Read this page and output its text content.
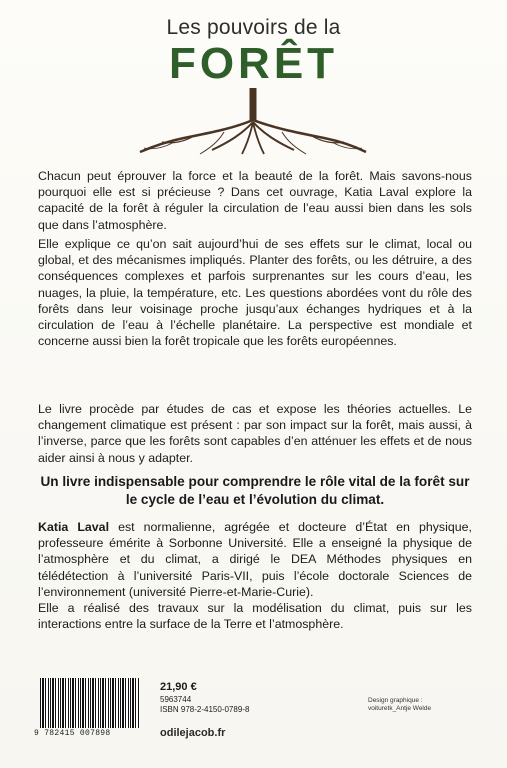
Les pouvoirs de la
FORÊT
Chacun peut éprouver la force et la beauté de la forêt. Mais savons-nous pourquoi elle est si précieuse ? Dans cet ouvrage, Katia Laval explore la capacité de la forêt à réguler la circulation de l’eau aussi bien dans les sols que dans l’atmosphère.
Elle explique ce qu’on sait aujourd’hui de ses effets sur le climat, local ou global, et des mécanismes impliqués. Planter des forêts, ou les détruire, a des conséquences complexes et parfois surprenantes sur les cours d’eau, les nuages, la pluie, la température, etc. Les questions abordées vont du rôle des forêts dans leur voisinage proche jusqu’aux échanges hydriques et à la circulation de l’eau à l’échelle planétaire. La perspective est mondiale et concerne aussi bien la forêt tropicale que les forêts européennes.
Le livre procède par études de cas et expose les théories actuelles. Le changement climatique est présent : par son impact sur la forêt, mais aussi, à l’inverse, parce que les forêts sont capables d’en atténuer les effets et de nous aider ainsi à nous y adapter.
Un livre indispensable pour comprendre le rôle vital de la forêt sur le cycle de l’eau et l’évolution du climat.
Katia Laval est normalienne, agrégée et docteure d’État en physique, professeure émérite à Sorbonne Université. Elle a enseigné la physique de l’atmosphère et du climat, a dirigé le DEA Méthodes physiques en télédétection à l’université Paris-VII, puis l’école doctorale Sciences de l’environnement (université Pierre-et-Marie-Curie).
Elle a réalisé des travaux sur la modélisation du climat, puis sur les interactions entre la surface de la Terre et l’atmosphère.
9 782415 007898
21,90 €
5963744
ISBN 978-2-4150-0789-8
odilejacob.fr
Design graphique :
voituretk_Antje Welde
